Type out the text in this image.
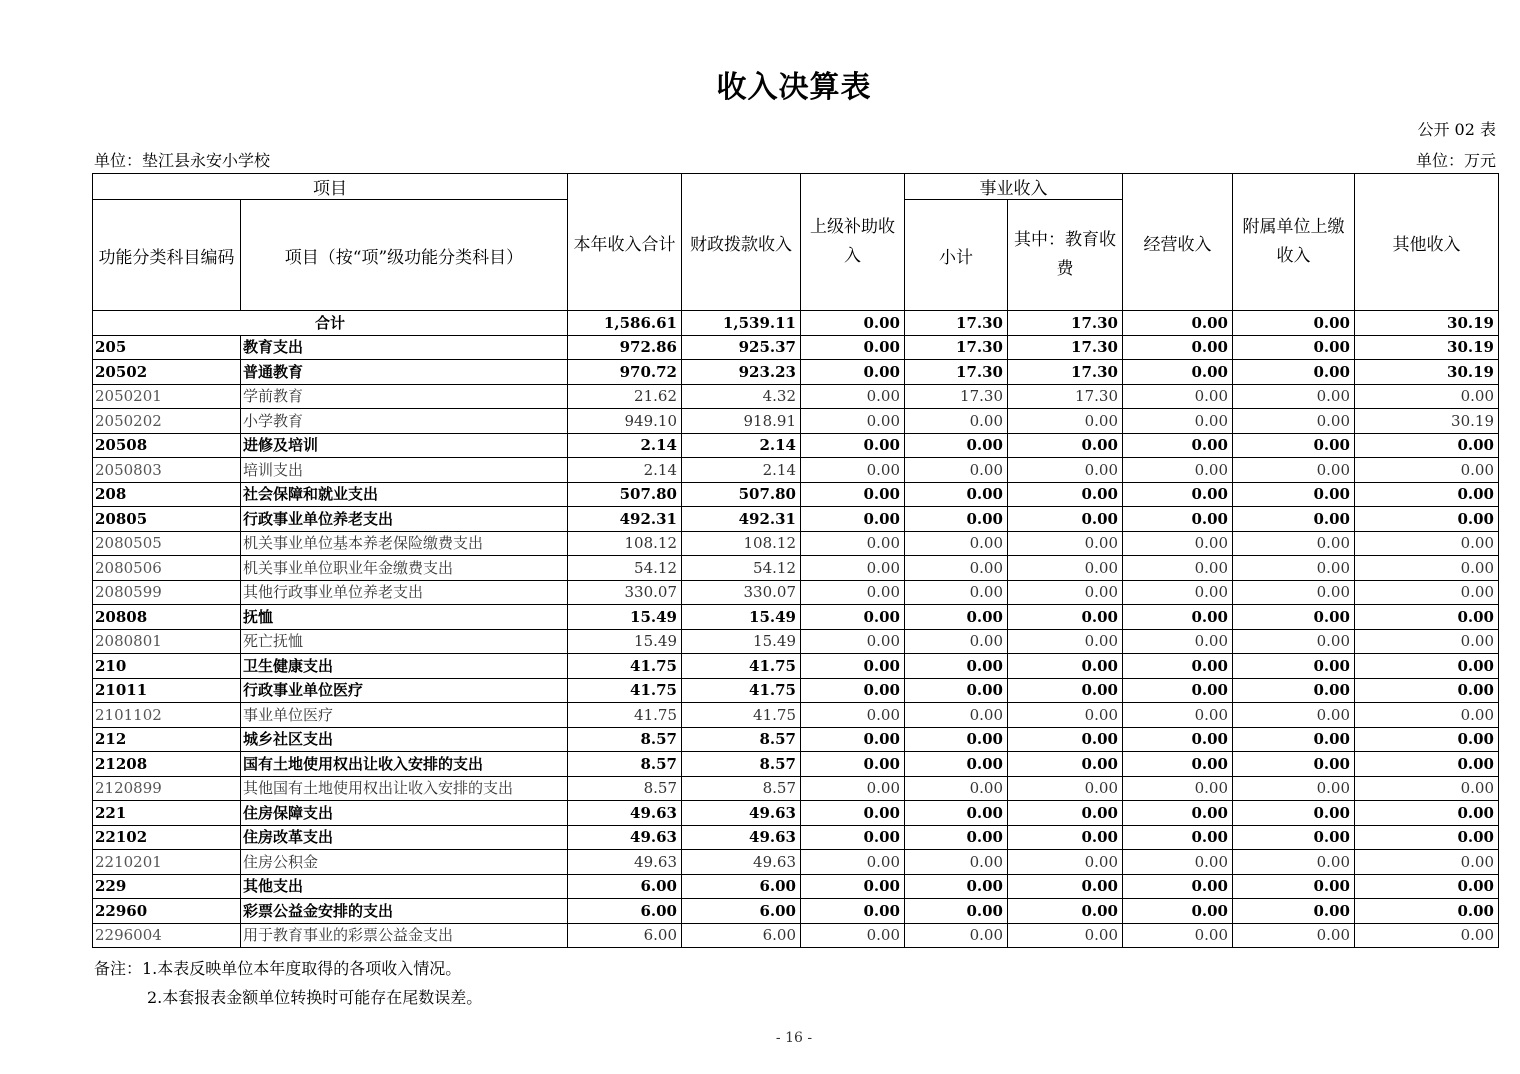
收入决算表
公开 02 表
单位：垫江县永安小学校	单位：万元
项目		本年收入合计	财政拨款收入	上级补助收入	事业收入		经营收入	附属单位上缴收入	其他收入
功能分类科目编码	项目（按“项”级功能分类科目）				小计	其中：教育收费			
合计		1,586.61	1,539.11	0.00	17.30	17.30	0.00	0.00	30.19
205	教育支出	972.86	925.37	0.00	17.30	17.30	0.00	0.00	30.19
20502	普通教育	970.72	923.23	0.00	17.30	17.30	0.00	0.00	30.19
2050201	学前教育	21.62	4.32	0.00	17.30	17.30	0.00	0.00	0.00
2050202	小学教育	949.10	918.91	0.00	0.00	0.00	0.00	0.00	30.19
20508	进修及培训	2.14	2.14	0.00	0.00	0.00	0.00	0.00	0.00
2050803	培训支出	2.14	2.14	0.00	0.00	0.00	0.00	0.00	0.00
208	社会保障和就业支出	507.80	507.80	0.00	0.00	0.00	0.00	0.00	0.00
20805	行政事业单位养老支出	492.31	492.31	0.00	0.00	0.00	0.00	0.00	0.00
2080505	机关事业单位基本养老保险缴费支出	108.12	108.12	0.00	0.00	0.00	0.00	0.00	0.00
2080506	机关事业单位职业年金缴费支出	54.12	54.12	0.00	0.00	0.00	0.00	0.00	0.00
2080599	其他行政事业单位养老支出	330.07	330.07	0.00	0.00	0.00	0.00	0.00	0.00
20808	抚恤	15.49	15.49	0.00	0.00	0.00	0.00	0.00	0.00
2080801	死亡抚恤	15.49	15.49	0.00	0.00	0.00	0.00	0.00	0.00
210	卫生健康支出	41.75	41.75	0.00	0.00	0.00	0.00	0.00	0.00
21011	行政事业单位医疗	41.75	41.75	0.00	0.00	0.00	0.00	0.00	0.00
2101102	事业单位医疗	41.75	41.75	0.00	0.00	0.00	0.00	0.00	0.00
212	城乡社区支出	8.57	8.57	0.00	0.00	0.00	0.00	0.00	0.00
21208	国有土地使用权出让收入安排的支出	8.57	8.57	0.00	0.00	0.00	0.00	0.00	0.00
2120899	其他国有土地使用权出让收入安排的支出	8.57	8.57	0.00	0.00	0.00	0.00	0.00	0.00
221	住房保障支出	49.63	49.63	0.00	0.00	0.00	0.00	0.00	0.00
22102	住房改革支出	49.63	49.63	0.00	0.00	0.00	0.00	0.00	0.00
2210201	住房公积金	49.63	49.63	0.00	0.00	0.00	0.00	0.00	0.00
229	其他支出	6.00	6.00	0.00	0.00	0.00	0.00	0.00	0.00
22960	彩票公益金安排的支出	6.00	6.00	0.00	0.00	0.00	0.00	0.00	0.00
2296004	用于教育事业的彩票公益金支出	6.00	6.00	0.00	0.00	0.00	0.00	0.00	0.00
备注：1.本表反映单位本年度取得的各项收入情况。
2.本套报表金额单位转换时可能存在尾数误差。
- 16 -
